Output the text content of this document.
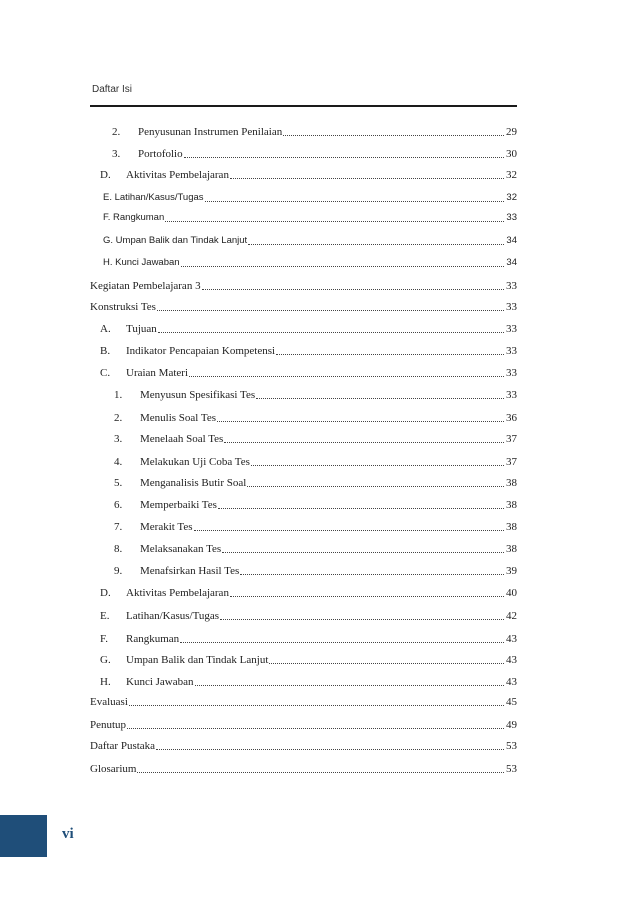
Daftar Isi
2.	Penyusunan Instrumen Penilaian	29
3.	Portofolio	30
D.	Aktivitas Pembelajaran	32
E. Latihan/Kasus/Tugas	32
F. Rangkuman	33
G. Umpan Balik dan Tindak Lanjut	34
H. Kunci Jawaban	34
Kegiatan Pembelajaran 3	33
Konstruksi Tes	33
A.	Tujuan	33
B.	Indikator Pencapaian Kompetensi	33
C.	Uraian Materi	33
1.	Menyusun Spesifikasi Tes	33
2.	Menulis Soal Tes	36
3.	Menelaah Soal Tes	37
4.	Melakukan Uji Coba Tes	37
5.	Menganalisis Butir Soal	38
6.	Memperbaiki Tes	38
7.	Merakit Tes	38
8.	Melaksanakan Tes	38
9.	Menafsirkan Hasil Tes	39
D.	Aktivitas Pembelajaran	40
E.	Latihan/Kasus/Tugas	42
F.	Rangkuman	43
G.	Umpan Balik dan Tindak Lanjut	43
H.	Kunci Jawaban	43
Evaluasi	45
Penutup	49
Daftar Pustaka	53
Glosarium	53
vi
